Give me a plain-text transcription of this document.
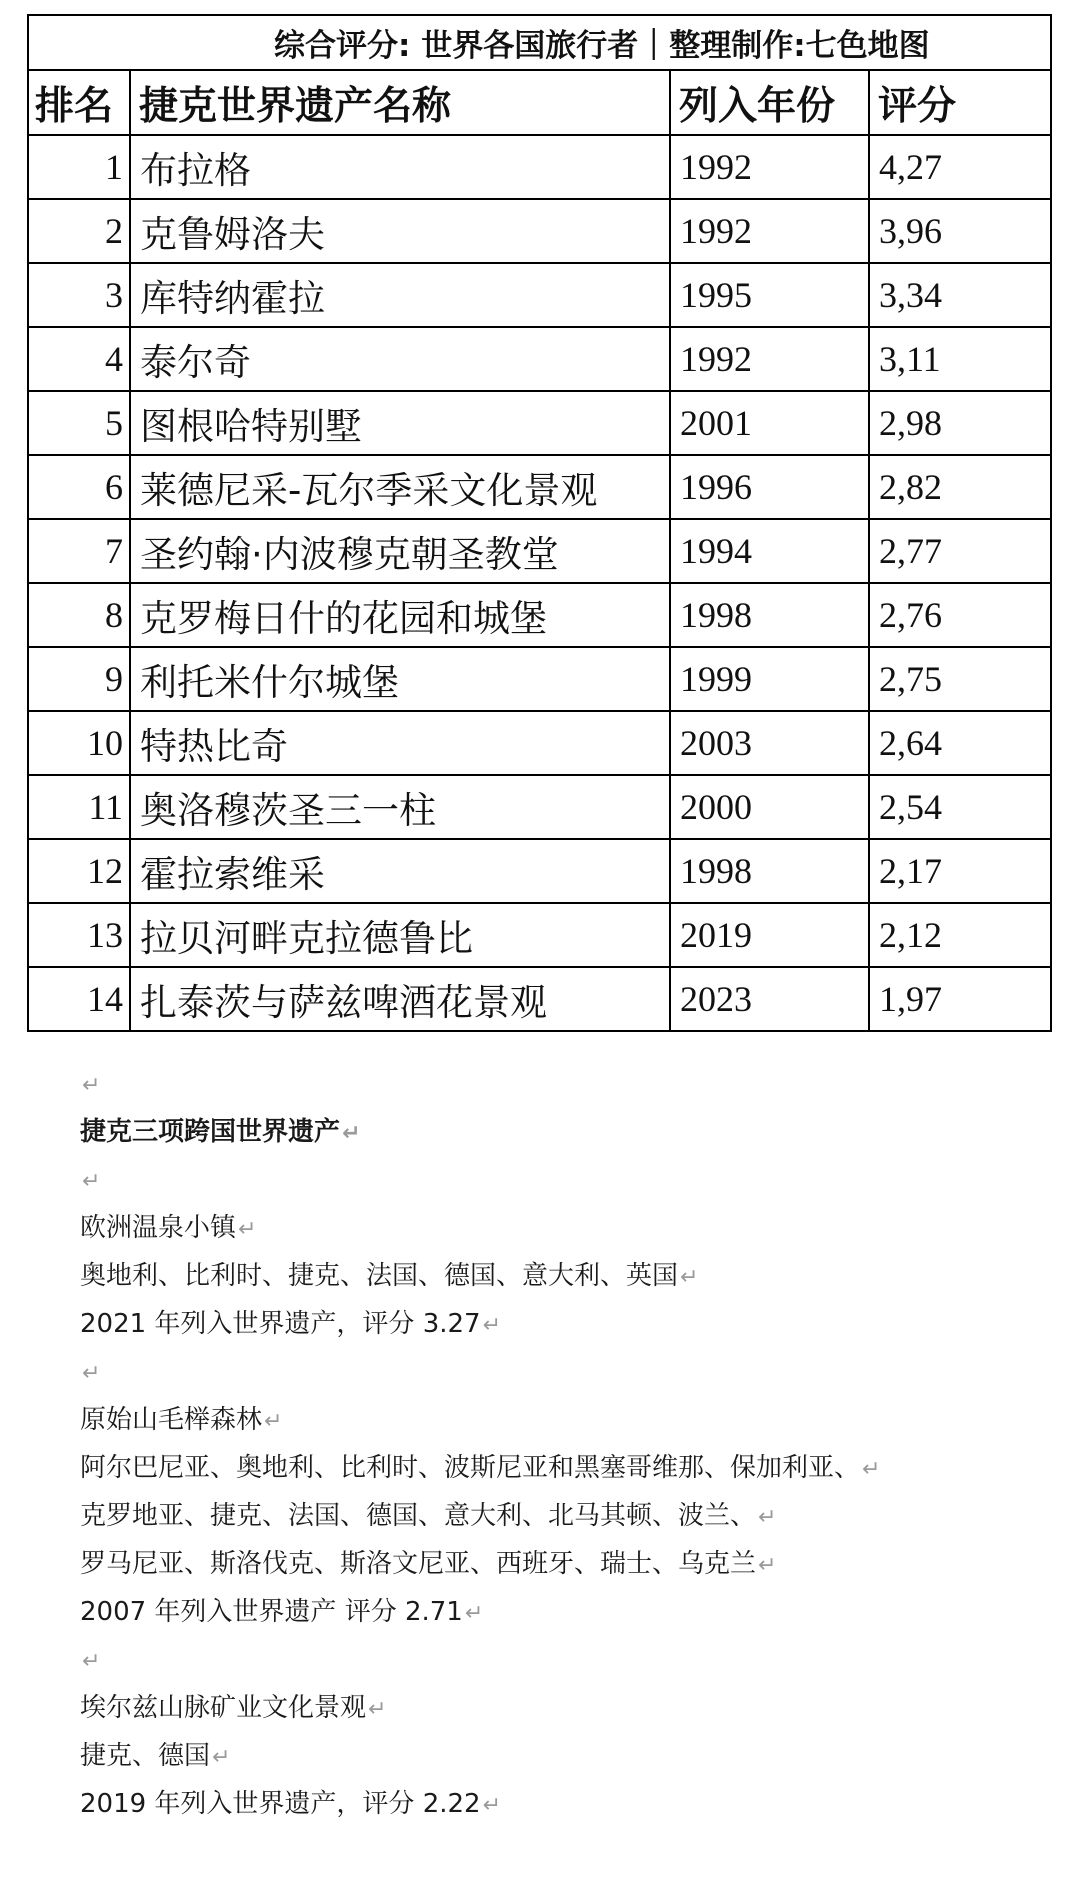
综合评分: 世界各国旅行者｜整理制作:七色地图			
排名	捷克世界遗产名称	列入年份	评分
1	布拉格	1992	4,27
2	克鲁姆洛夫	1992	3,96
3	库特纳霍拉	1995	3,34
4	泰尔奇	1992	3,11
5	图根哈特别墅	2001	2,98
6	莱德尼采-瓦尔季采文化景观	1996	2,82
7	圣约翰·内波穆克朝圣教堂	1994	2,77
8	克罗梅日什的花园和城堡	1998	2,76
9	利托米什尔城堡	1999	2,75
10	特热比奇	2003	2,64
11	奥洛穆茨圣三一柱	2000	2,54
12	霍拉索维采	1998	2,17
13	拉贝河畔克拉德鲁比	2019	2,12
14	扎泰茨与萨兹啤酒花景观	2023	1,97
↵
捷克三项跨国世界遗产↵
↵
欧洲温泉小镇↵
奥地利、比利时、捷克、法国、德国、意大利、英国↵
2021 年列入世界遗产，评分 3.27↵
↵
原始山毛榉森林↵
阿尔巴尼亚、奥地利、比利时、波斯尼亚和黑塞哥维那、保加利亚、↵
克罗地亚、捷克、法国、德国、意大利、北马其顿、波兰、↵
罗马尼亚、斯洛伐克、斯洛文尼亚、西班牙、瑞士、乌克兰↵
2007 年列入世界遗产 评分 2.71↵
↵
埃尔兹山脉矿业文化景观↵
捷克、德国↵
2019 年列入世界遗产，评分 2.22↵
